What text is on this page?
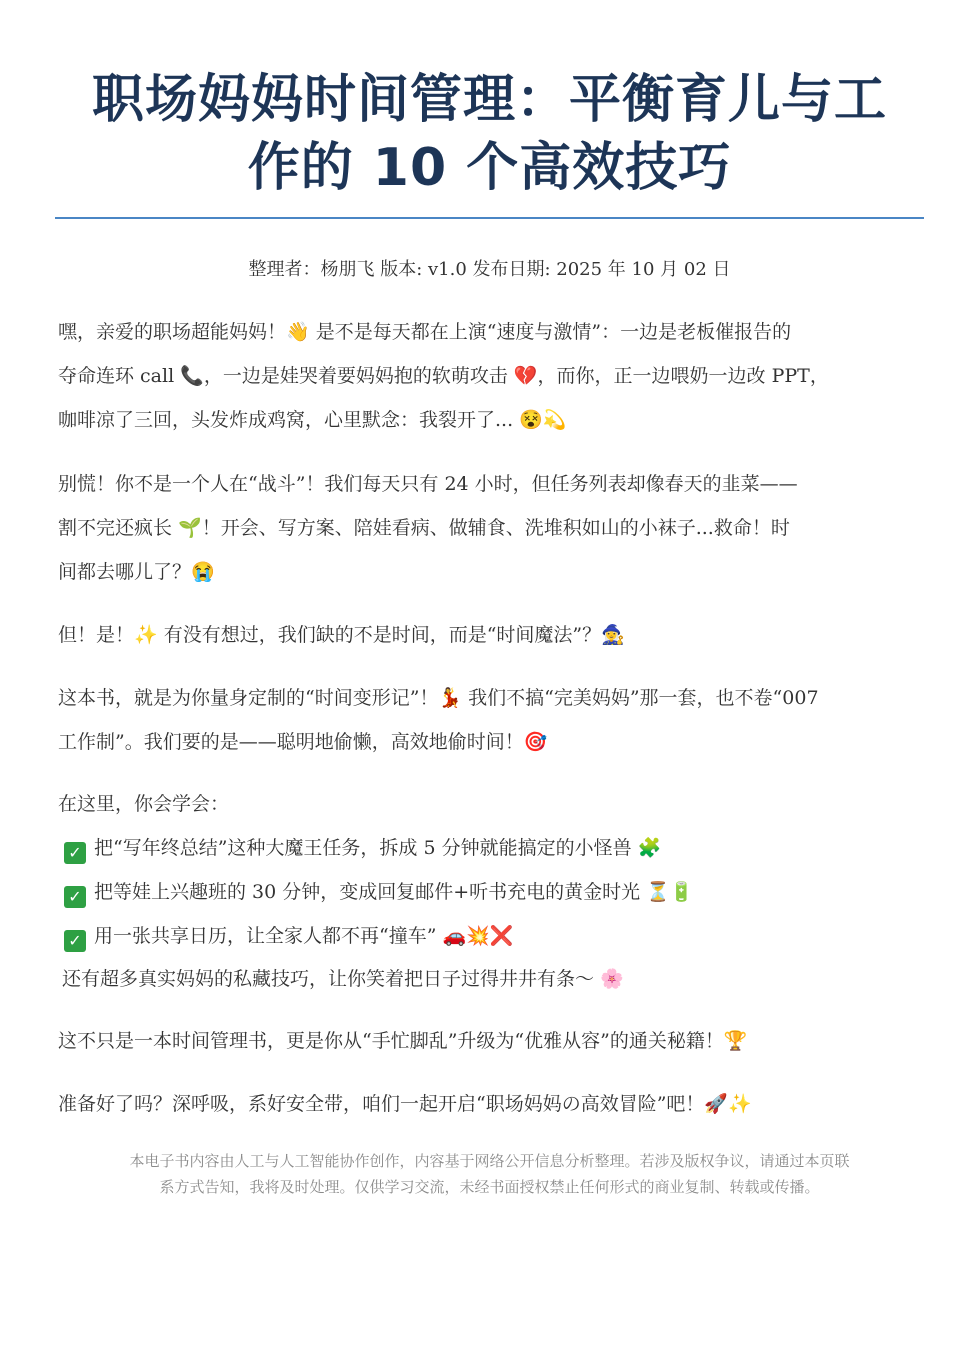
职场妈妈时间管理：平衡育儿与工
作的 10 个高效技巧
整理者：杨朋飞 版本: v1.0 发布日期: 2025 年 10 月 02 日

嘿，亲爱的职场超能妈妈！👋 是不是每天都在上演“速度与激情”：一边是老板催报告的
夺命连环 call 📞，一边是娃哭着要妈妈抱的软萌攻击 💔，而你，正一边喂奶一边改 PPT，
咖啡凉了三回，头发炸成鸡窝，心里默念：我裂开了... 😵💫

别慌！你不是一个人在“战斗”！我们每天只有 24 小时，但任务列表却像春天的韭菜——
割不完还疯长 🌱！开会、写方案、陪娃看病、做辅食、洗堆积如山的小袜子...救命！时
间都去哪儿了？😭

但！是！✨ 有没有想过，我们缺的不是时间，而是“时间魔法”？🧙‍♀️

这本书，就是为你量身定制的“时间变形记”！💃 我们不搞“完美妈妈”那一套，也不卷“007
工作制”。我们要的是——聪明地偷懒，高效地偷时间！🎯

在这里，你会学会：

✓ 把“写年终总结”这种大魔王任务，拆成 5 分钟就能搞定的小怪兽 🧩
✓ 把等娃上兴趣班的 30 分钟，变成回复邮件+听书充电的黄金时光 ⏳🔋
✓ 用一张共享日历，让全家人都不再“撞车” 🚗💥❌
还有超多真实妈妈的私藏技巧，让你笑着把日子过得井井有条～ 🌸

这不只是一本时间管理书，更是你从“手忙脚乱”升级为“优雅从容”的通关秘籍！🏆

准备好了吗？深呼吸，系好安全带，咱们一起开启“职场妈妈の高效冒险”吧！🚀✨

本电子书内容由人工与人工智能协作创作，内容基于网络公开信息分析整理。若涉及版权争议，请通过本页联
系方式告知，我将及时处理。仅供学习交流，未经书面授权禁止任何形式的商业复制、转载或传播。
